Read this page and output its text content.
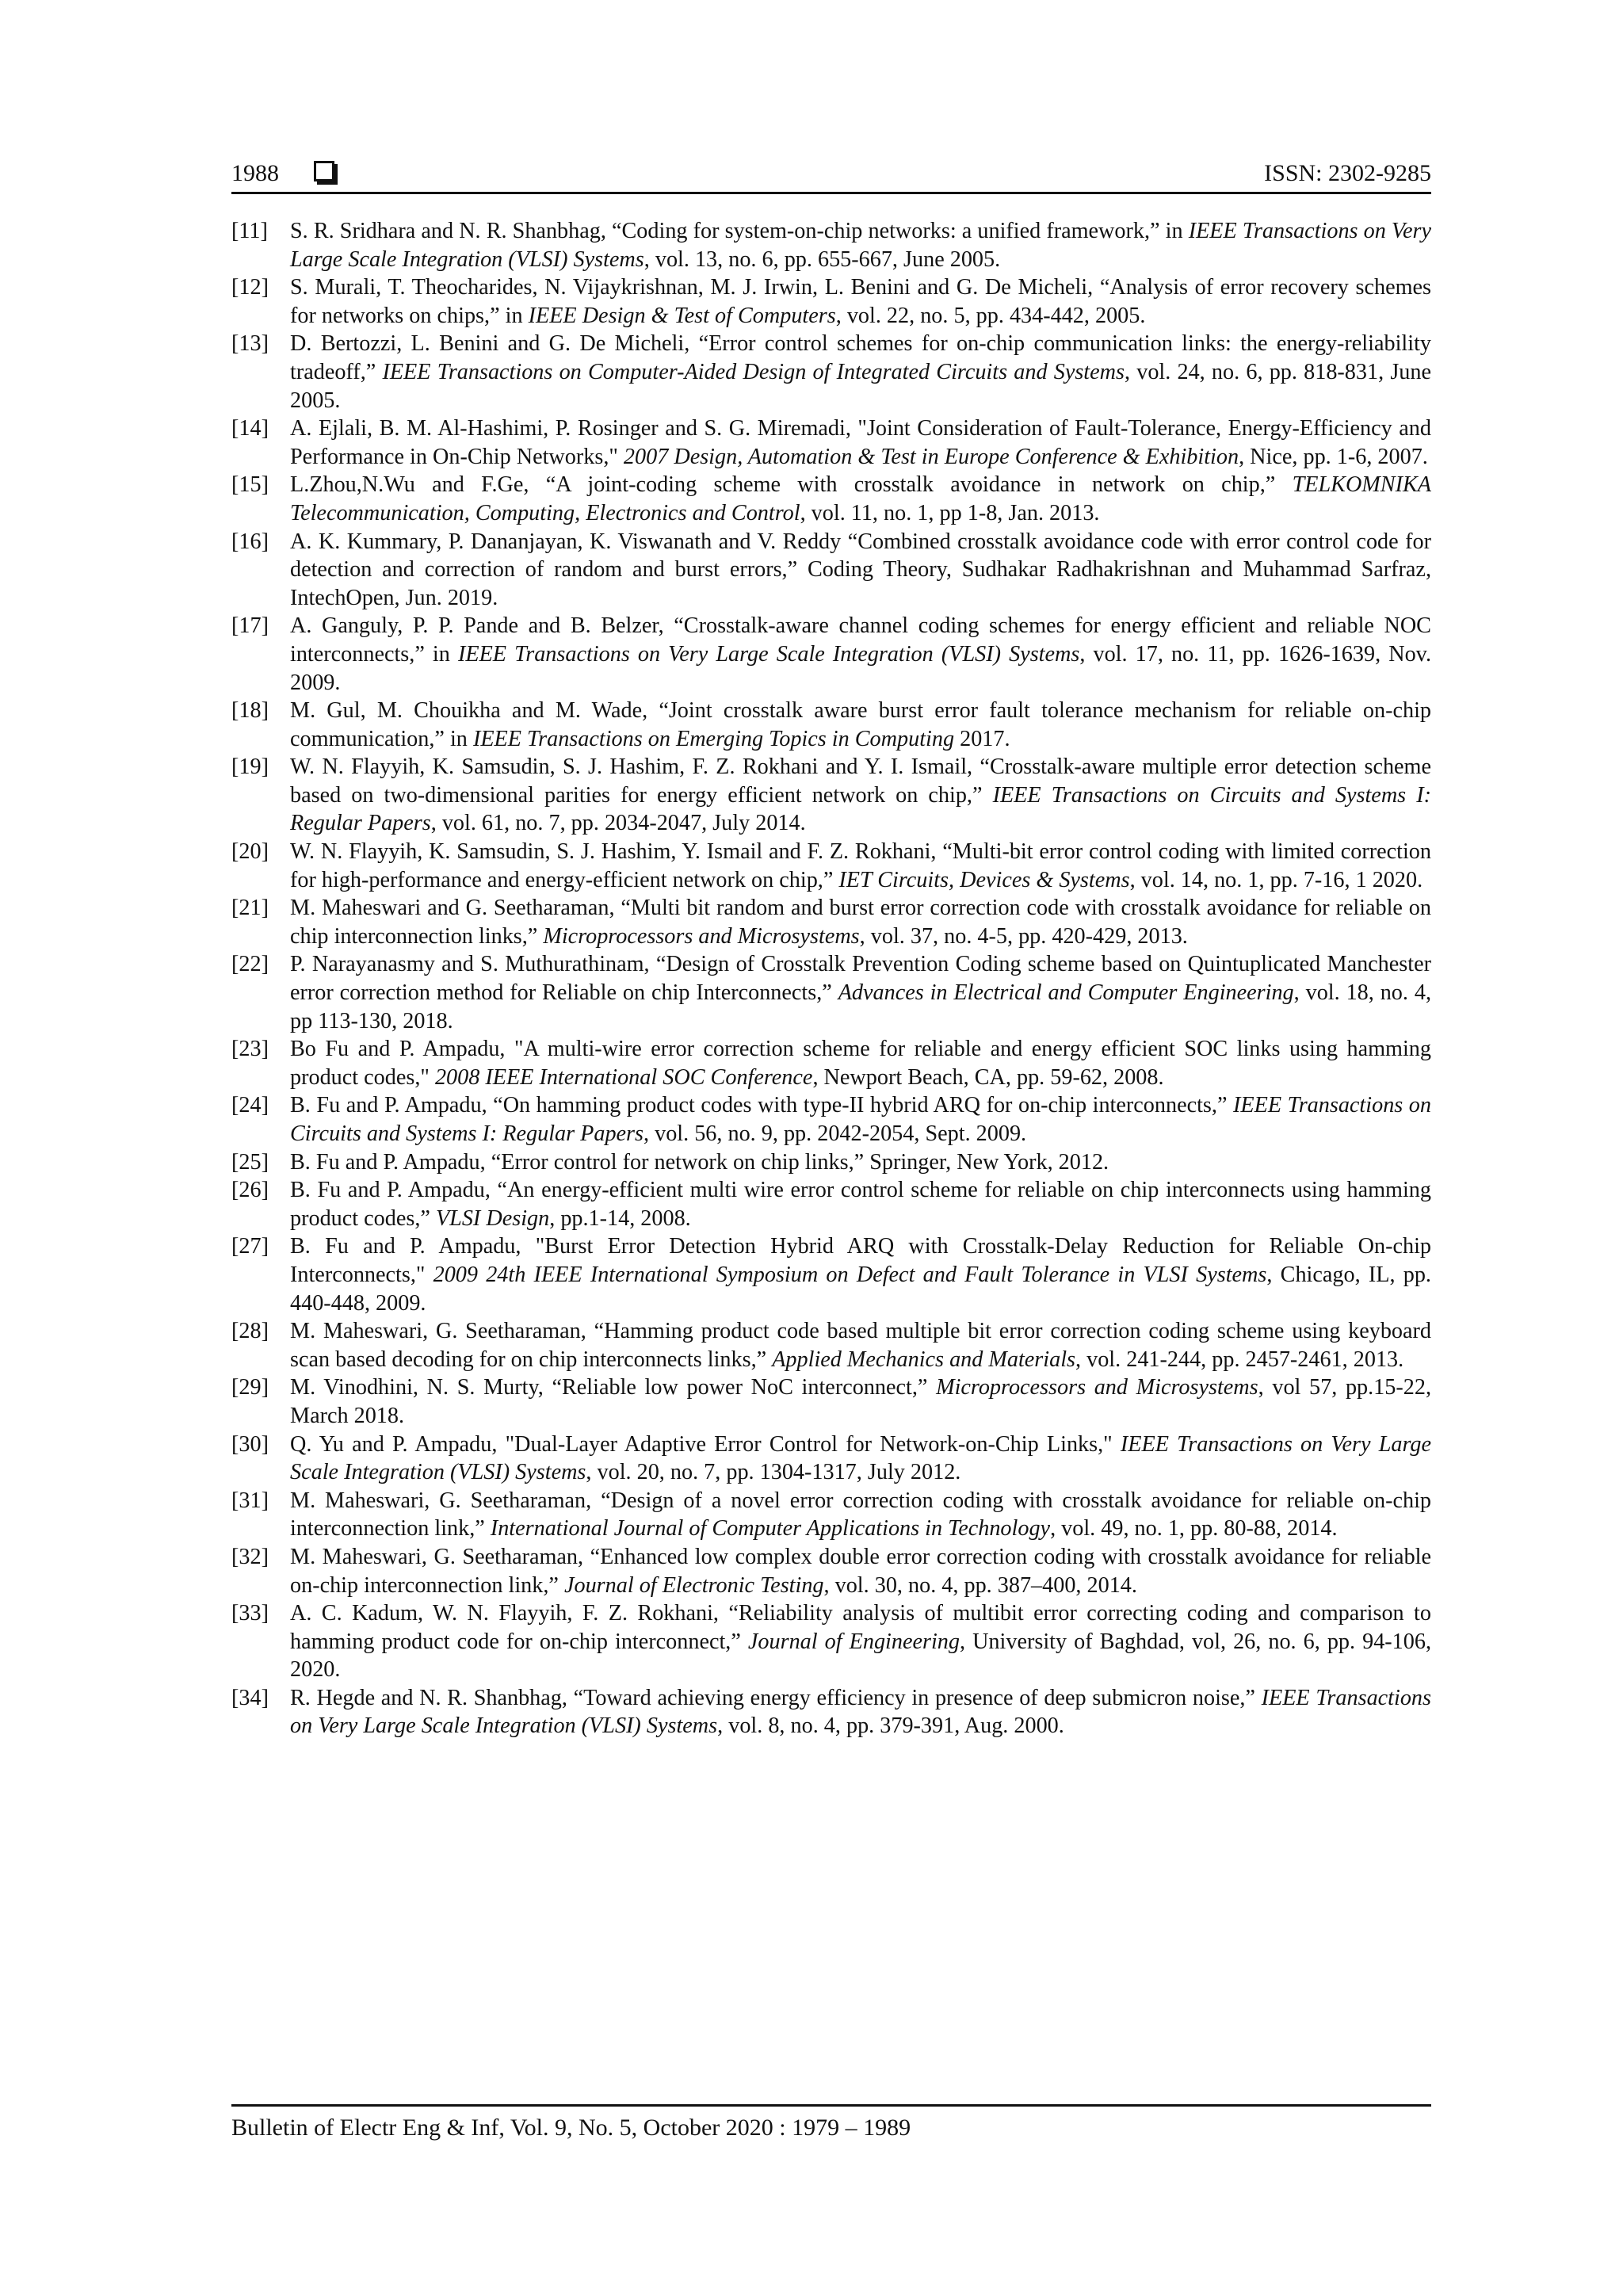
1988	ISSN: 2302-9285
[11] S. R. Sridhara and N. R. Shanbhag, “Coding for system-on-chip networks: a unified framework,” in IEEE Transactions on Very Large Scale Integration (VLSI) Systems, vol. 13, no. 6, pp. 655-667, June 2005.
[12] S. Murali, T. Theocharides, N. Vijaykrishnan, M. J. Irwin, L. Benini and G. De Micheli, “Analysis of error recovery schemes for networks on chips,” in IEEE Design & Test of Computers, vol. 22, no. 5, pp. 434-442, 2005.
[13] D. Bertozzi, L. Benini and G. De Micheli, “Error control schemes for on-chip communication links: the energy-reliability tradeoff,” IEEE Transactions on Computer-Aided Design of Integrated Circuits and Systems, vol. 24, no. 6, pp. 818-831, June 2005.
[14] A. Ejlali, B. M. Al-Hashimi, P. Rosinger and S. G. Miremadi, "Joint Consideration of Fault-Tolerance, Energy-Efficiency and Performance in On-Chip Networks," 2007 Design, Automation & Test in Europe Conference & Exhibition, Nice, pp. 1-6, 2007.
[15] L.Zhou,N.Wu and F.Ge, “A joint-coding scheme with crosstalk avoidance in network on chip,” TELKOMNIKA Telecommunication, Computing, Electronics and Control, vol. 11, no. 1, pp 1-8, Jan. 2013.
[16] A. K. Kummary, P. Dananjayan, K. Viswanath and V. Reddy “Combined crosstalk avoidance code with error control code for detection and correction of random and burst errors,” Coding Theory, Sudhakar Radhakrishnan and Muhammad Sarfraz, IntechOpen, Jun. 2019.
[17] A. Ganguly, P. P. Pande and B. Belzer, “Crosstalk-aware channel coding schemes for energy efficient and reliable NOC interconnects,” in IEEE Transactions on Very Large Scale Integration (VLSI) Systems, vol. 17, no. 11, pp. 1626-1639, Nov. 2009.
[18] M. Gul, M. Chouikha and M. Wade, “Joint crosstalk aware burst error fault tolerance mechanism for reliable on-chip communication,” in IEEE Transactions on Emerging Topics in Computing 2017.
[19] W. N. Flayyih, K. Samsudin, S. J. Hashim, F. Z. Rokhani and Y. I. Ismail, “Crosstalk-aware multiple error detection scheme based on two-dimensional parities for energy efficient network on chip,” IEEE Transactions on Circuits and Systems I: Regular Papers, vol. 61, no. 7, pp. 2034-2047, July 2014.
[20] W. N. Flayyih, K. Samsudin, S. J. Hashim, Y. Ismail and F. Z. Rokhani, “Multi-bit error control coding with limited correction for high-performance and energy-efficient network on chip,” IET Circuits, Devices & Systems, vol. 14, no. 1, pp. 7-16, 1 2020.
[21] M. Maheswari and G. Seetharaman, “Multi bit random and burst error correction code with crosstalk avoidance for reliable on chip interconnection links,” Microprocessors and Microsystems, vol. 37, no. 4-5, pp. 420-429, 2013.
[22] P. Narayanasmy and S. Muthurathinam, “Design of Crosstalk Prevention Coding scheme based on Quintuplicated Manchester error correction method for Reliable on chip Interconnects,” Advances in Electrical and Computer Engineering, vol. 18, no. 4, pp 113-130, 2018.
[23] Bo Fu and P. Ampadu, "A multi-wire error correction scheme for reliable and energy efficient SOC links using hamming product codes," 2008 IEEE International SOC Conference, Newport Beach, CA, pp. 59-62, 2008.
[24] B. Fu and P. Ampadu, “On hamming product codes with type-II hybrid ARQ for on-chip interconnects,” IEEE Transactions on Circuits and Systems I: Regular Papers, vol. 56, no. 9, pp. 2042-2054, Sept. 2009.
[25] B. Fu and P. Ampadu, “Error control for network on chip links,” Springer, New York, 2012.
[26] B. Fu and P. Ampadu, “An energy-efficient multi wire error control scheme for reliable on chip interconnects using hamming product codes,” VLSI Design, pp.1-14, 2008.
[27] B. Fu and P. Ampadu, "Burst Error Detection Hybrid ARQ with Crosstalk-Delay Reduction for Reliable On-chip Interconnects," 2009 24th IEEE International Symposium on Defect and Fault Tolerance in VLSI Systems, Chicago, IL, pp. 440-448, 2009.
[28] M. Maheswari, G. Seetharaman, “Hamming product code based multiple bit error correction coding scheme using keyboard scan based decoding for on chip interconnects links,” Applied Mechanics and Materials, vol. 241-244, pp. 2457-2461, 2013.
[29] M. Vinodhini, N. S. Murty, “Reliable low power NoC interconnect,” Microprocessors and Microsystems, vol 57, pp.15-22, March 2018.
[30] Q. Yu and P. Ampadu, "Dual-Layer Adaptive Error Control for Network-on-Chip Links," IEEE Transactions on Very Large Scale Integration (VLSI) Systems, vol. 20, no. 7, pp. 1304-1317, July 2012.
[31] M. Maheswari, G. Seetharaman, “Design of a novel error correction coding with crosstalk avoidance for reliable on-chip interconnection link,” International Journal of Computer Applications in Technology, vol. 49, no. 1, pp. 80-88, 2014.
[32] M. Maheswari, G. Seetharaman, “Enhanced low complex double error correction coding with crosstalk avoidance for reliable on-chip interconnection link,” Journal of Electronic Testing, vol. 30, no. 4, pp. 387–400, 2014.
[33] A. C. Kadum, W. N. Flayyih, F. Z. Rokhani, “Reliability analysis of multibit error correcting coding and comparison to hamming product code for on-chip interconnect,” Journal of Engineering, University of Baghdad, vol, 26, no. 6, pp. 94-106, 2020.
[34] R. Hegde and N. R. Shanbhag, “Toward achieving energy efficiency in presence of deep submicron noise,” IEEE Transactions on Very Large Scale Integration (VLSI) Systems, vol. 8, no. 4, pp. 379-391, Aug. 2000.
Bulletin of Electr Eng & Inf, Vol. 9, No. 5, October 2020 : 1979 – 1989
